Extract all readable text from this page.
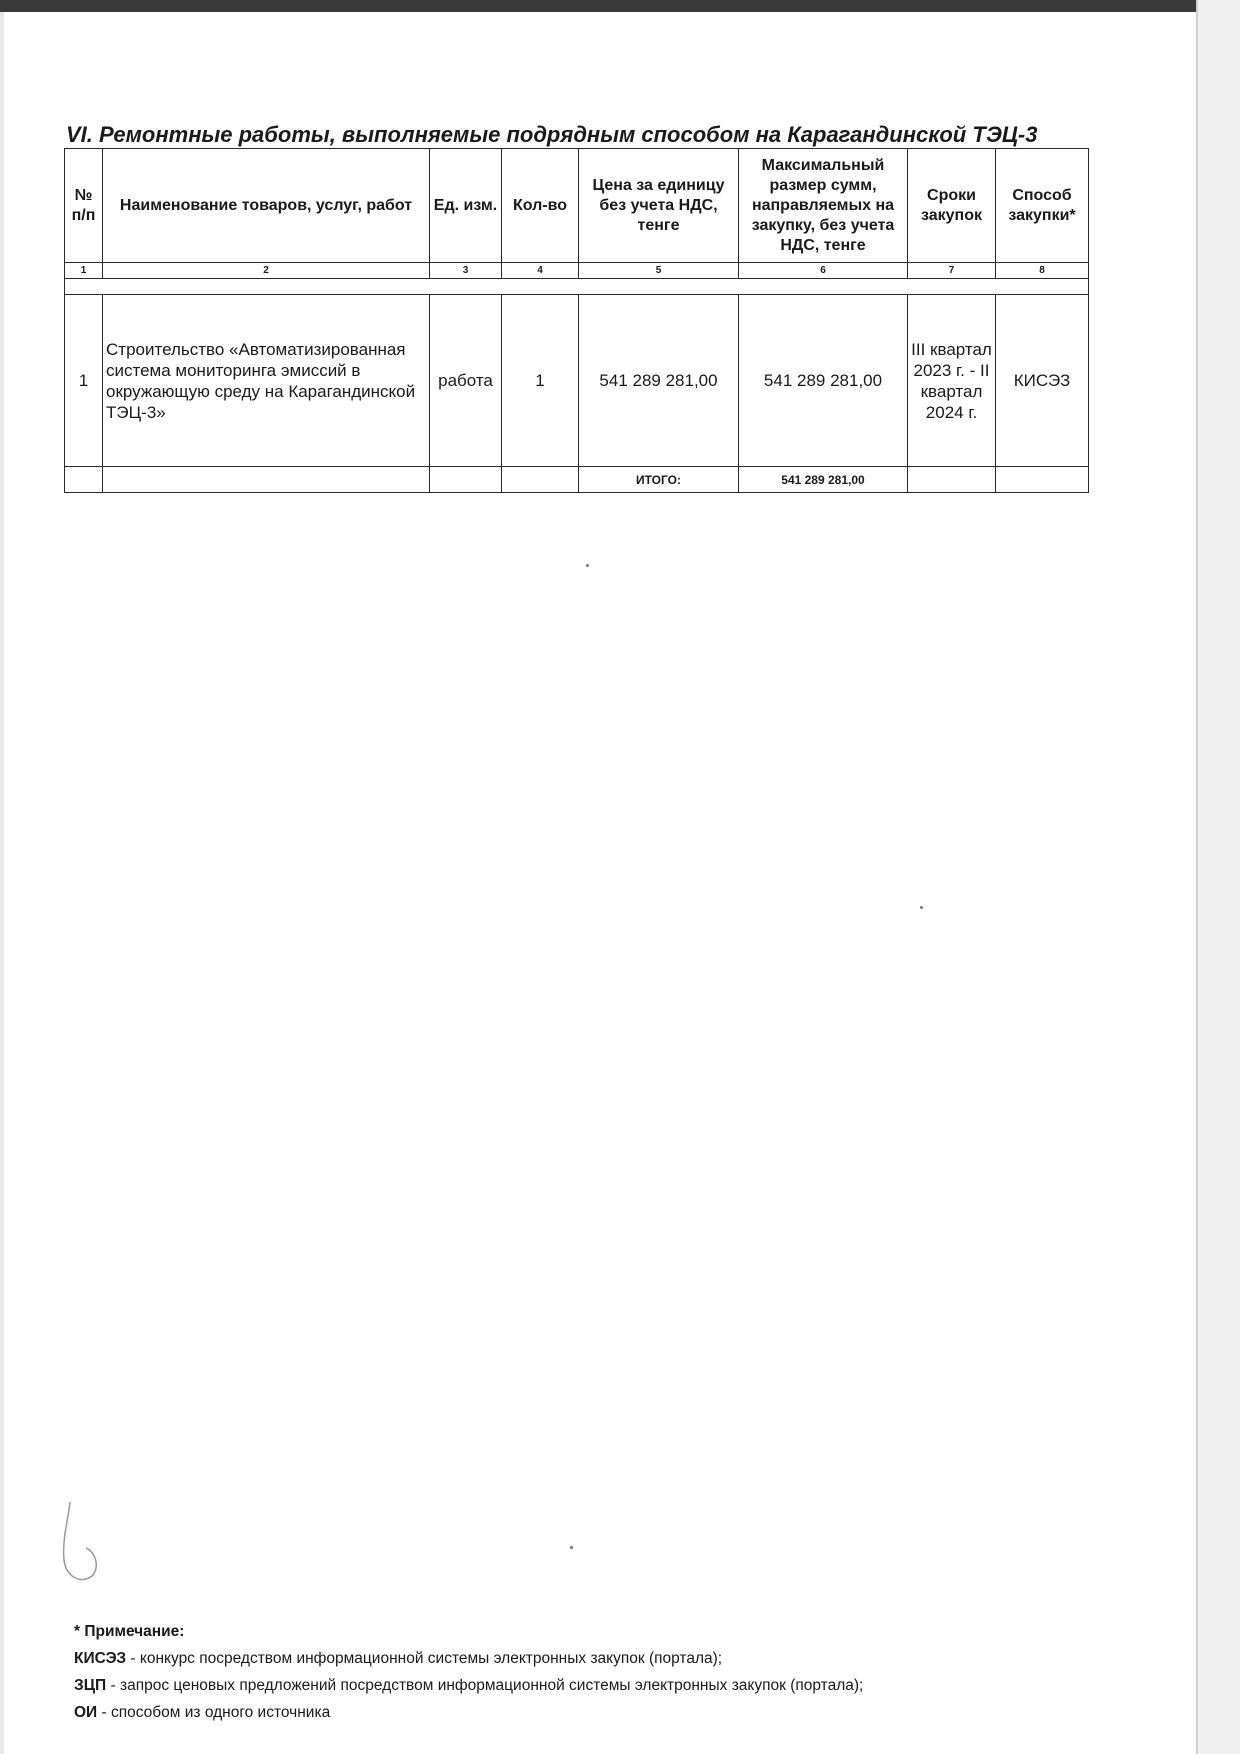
VI. Ремонтные работы, выполняемые подрядным способом на Карагандинской ТЭЦ-3
№ п/п	Наименование товаров, услуг, работ	Ед. изм.	Кол-во	Цена за единицу без учета НДС, тенге	Максимальный размер сумм, направляемых на закупку, без учета НДС, тенге	Сроки закупок	Способ закупки*
1	2	3	4	5	6	7	8

1	Строительство «Автоматизированная система мониторинга эмиссий в окружающую среду на Карагандинской ТЭЦ-3»	работа	1	541 289 281,00	541 289 281,00	III квартал 2023 г. - II квартал 2024 г.	КИСЭЗ
				ИТОГО:	541 289 281,00		
* Примечание:
КИСЭЗ - конкурс посредством информационной системы электронных закупок (портала);
ЗЦП - запрос ценовых предложений посредством информационной системы электронных закупок (портала);
ОИ - способом из одного источника
